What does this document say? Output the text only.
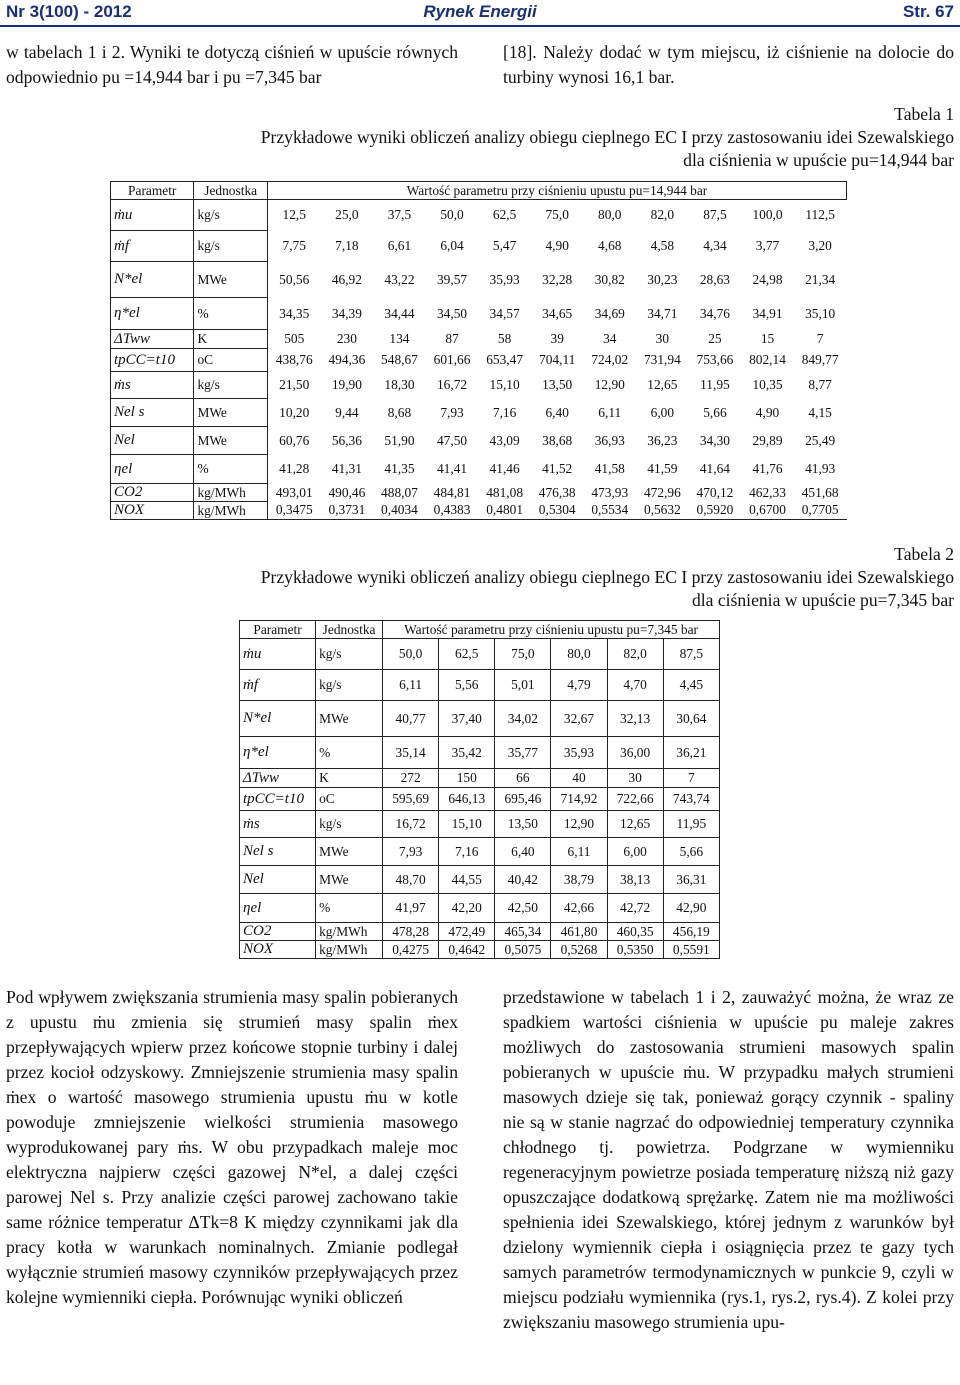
Nr 3(100) - 2012	Rynek Energii	Str. 67

w tabelach 1 i 2. Wyniki te dotyczą ciśnień w upuście równych odpowiednio pu =14,944 bar i pu =7,345 bar

[18]. Należy dodać w tym miejscu, iż ciśnienie na dolocie do turbiny wynosi 16,1 bar.

Tabela 1
Przykładowe wyniki obliczeń analizy obiegu cieplnego EC I przy zastosowaniu idei Szewalskiego
dla ciśnienia w upuście pu=14,944 bar
Parametr	Jednostka	Wartość parametru przy ciśnieniu upustu pu=14,944 bar										
ṁu	kg/s	12,5	25,0	37,5	50,0	62,5	75,0	80,0	82,0	87,5	100,0	112,5
ṁf	kg/s	7,75	7,18	6,61	6,04	5,47	4,90	4,68	4,58	4,34	3,77	3,20
N*el	MWe	50,56	46,92	43,22	39,57	35,93	32,28	30,82	30,23	28,63	24,98	21,34
η*el	%	34,35	34,39	34,44	34,50	34,57	34,65	34,69	34,71	34,76	34,91	35,10
ΔTww	K	505	230	134	87	58	39	34	30	25	15	7
tpCC=t10	oC	438,76	494,36	548,67	601,66	653,47	704,11	724,02	731,94	753,66	802,14	849,77
ṁs	kg/s	21,50	19,90	18,30	16,72	15,10	13,50	12,90	12,65	11,95	10,35	8,77
Nel s	MWe	10,20	9,44	8,68	7,93	7,16	6,40	6,11	6,00	5,66	4,90	4,15
Nel	MWe	60,76	56,36	51,90	47,50	43,09	38,68	36,93	36,23	34,30	29,89	25,49
ηel	%	41,28	41,31	41,35	41,41	41,46	41,52	41,58	41,59	41,64	41,76	41,93
CO2	kg/MWh	493,01	490,46	488,07	484,81	481,08	476,38	473,93	472,96	470,12	462,33	451,68
NOX	kg/MWh	0,3475	0,3731	0,4034	0,4383	0,4801	0,5304	0,5534	0,5632	0,5920	0,6700	0,7705
Tabela 2
Przykładowe wyniki obliczeń analizy obiegu cieplnego EC I przy zastosowaniu idei Szewalskiego
dla ciśnienia w upuście pu=7,345 bar
Parametr	Jednostka	Wartość parametru przy ciśnieniu upustu pu=7,345 bar					
ṁu	kg/s	50,0	62,5	75,0	80,0	82,0	87,5
ṁf	kg/s	6,11	5,56	5,01	4,79	4,70	4,45
N*el	MWe	40,77	37,40	34,02	32,67	32,13	30,64
η*el	%	35,14	35,42	35,77	35,93	36,00	36,21
ΔTww	K	272	150	66	40	30	7
tpCC=t10	oC	595,69	646,13	695,46	714,92	722,66	743,74
ṁs	kg/s	16,72	15,10	13,50	12,90	12,65	11,95
Nel s	MWe	7,93	7,16	6,40	6,11	6,00	5,66
Nel	MWe	48,70	44,55	40,42	38,79	38,13	36,31
ηel	%	41,97	42,20	42,50	42,66	42,72	42,90
CO2	kg/MWh	478,28	472,49	465,34	461,80	460,35	456,19
NOX	kg/MWh	0,4275	0,4642	0,5075	0,5268	0,5350	0,5591

Pod wpływem zwiększania strumienia masy spalin pobieranych z upustu ṁu zmienia się strumień masy spalin ṁex przepływających wpierw przez końcowe stopnie turbiny i dalej przez kocioł odzyskowy. Zmniejszenie strumienia masy spalin ṁex o wartość masowego strumienia upustu ṁu w kotle powoduje zmniejszenie wielkości strumienia masowego wyprodukowanej pary ṁs. W obu przypadkach maleje moc elektryczna najpierw części gazowej N*el, a dalej części parowej Nel s. Przy analizie części parowej zachowano takie same różnice temperatur ΔTk=8 K między czynnikami jak dla pracy kotła w warunkach nominalnych. Zmianie podlegał wyłącznie strumień masowy czynników przepływających przez kolejne wymienniki ciepła. Porównując wyniki obliczeń

przedstawione w tabelach 1 i 2, zauważyć można, że wraz ze spadkiem wartości ciśnienia w upuście pu maleje zakres możliwych do zastosowania strumieni masowych spalin pobieranych w upuście ṁu. W przypadku małych strumieni masowych dzieje się tak, ponieważ gorący czynnik - spaliny nie są w stanie nagrzać do odpowiedniej temperatury czynnika chłodnego tj. powietrza. Podgrzane w wymienniku regeneracyjnym powietrze posiada temperaturę niższą niż gazy opuszczające dodatkową sprężarkę. Zatem nie ma możliwości spełnienia idei Szewalskiego, której jednym z warunków był dzielony wymiennik ciepła i osiągnięcia przez te gazy tych samych parametrów termodynamicznych w punkcie 9, czyli w miejscu podziału wymiennika (rys.1, rys.2, rys.4). Z kolei przy zwiększaniu masowego strumienia upu-
